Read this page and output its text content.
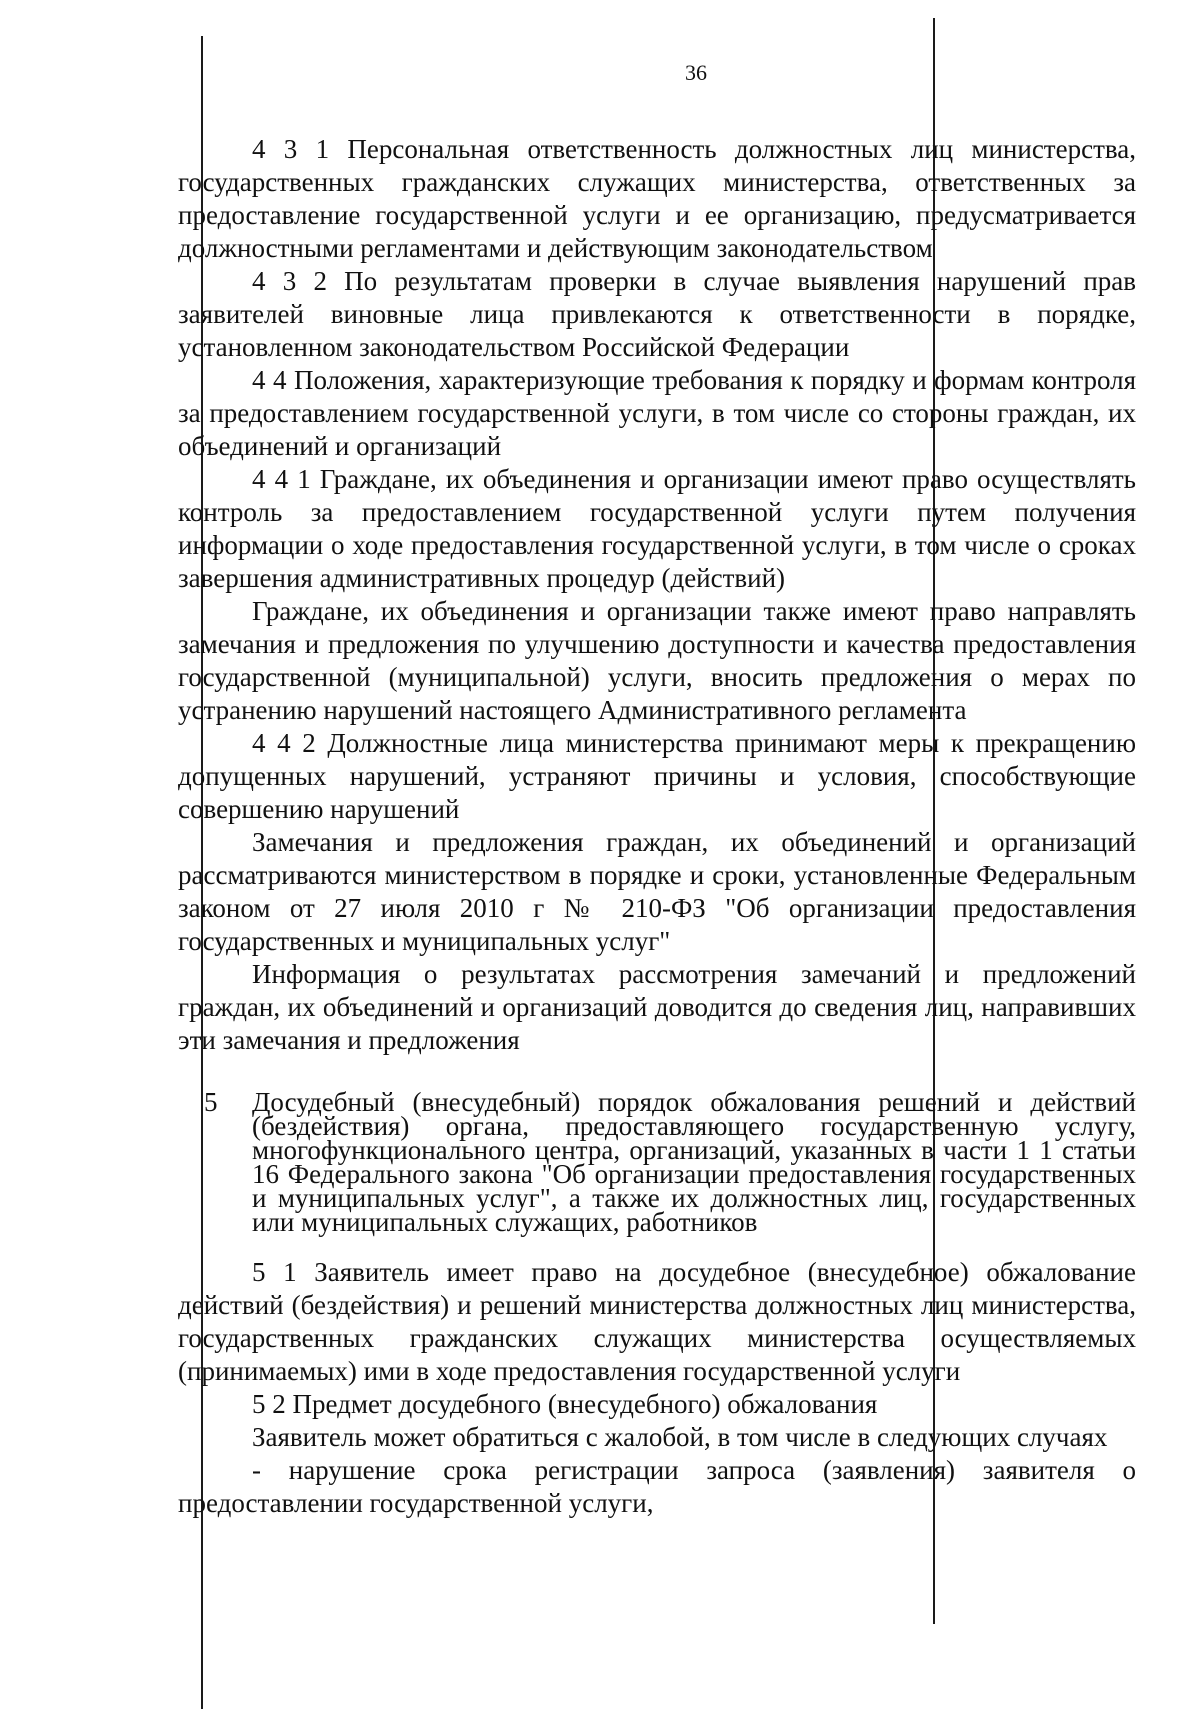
36

4 3 1 Персональная ответственность должностных лиц министерства, государственных гражданских служащих министерства, ответственных за предоставление государственной услуги и ее организацию, предусматривается должностными регламентами и действующим законодательством

4 3 2 По результатам проверки в случае выявления нарушений прав заявителей виновные лица привлекаются к ответственности в порядке, установленном законодательством Российской Федерации

4 4 Положения, характеризующие требования к порядку и формам контроля за предоставлением государственной услуги, в том числе со стороны граждан, их объединений и организаций

4 4 1 Граждане, их объединения и организации имеют право осуществлять контроль за предоставлением государственной услуги путем получения информации о ходе предоставления государственной услуги, в том числе о сроках завершения административных процедур (действий)

Граждане, их объединения и организации также имеют право направлять замечания и предложения по улучшению доступности и качества предоставления государственной (муниципальной) услуги, вносить предложения о мерах по устранению нарушений настоящего Административного регламента

4 4 2 Должностные лица министерства принимают меры к прекращению допущенных нарушений, устраняют причины и условия, способствующие совершению нарушений

Замечания и предложения граждан, их объединений и организаций рассматриваются министерством в порядке и сроки, установленные Федеральным законом от 27 июля 2010 г № 210-ФЗ "Об организации предоставления государственных и муниципальных услуг"

Информация о результатах рассмотрения замечаний и предложений граждан, их объединений и организаций доводится до сведения лиц, направивших эти замечания и предложения

5 Досудебный (внесудебный) порядок обжалования решений и действий (бездействия) органа, предоставляющего государственную услугу, многофункционального центра, организаций, указанных в части 1 1 статьи 16 Федерального закона "Об организации предоставления государственных и муниципальных услуг", а также их должностных лиц, государственных или муниципальных служащих, работников

5 1 Заявитель имеет право на досудебное (внесудебное) обжалование действий (бездействия) и решений министерства должностных лиц министерства, государственных гражданских служащих министерства осуществляемых (принимаемых) ими в ходе предоставления государственной услуги

5 2 Предмет досудебного (внесудебного) обжалования

Заявитель может обратиться с жалобой, в том числе в следующих случаях

- нарушение срока регистрации запроса (заявления) заявителя о предоставлении государственной услуги,
